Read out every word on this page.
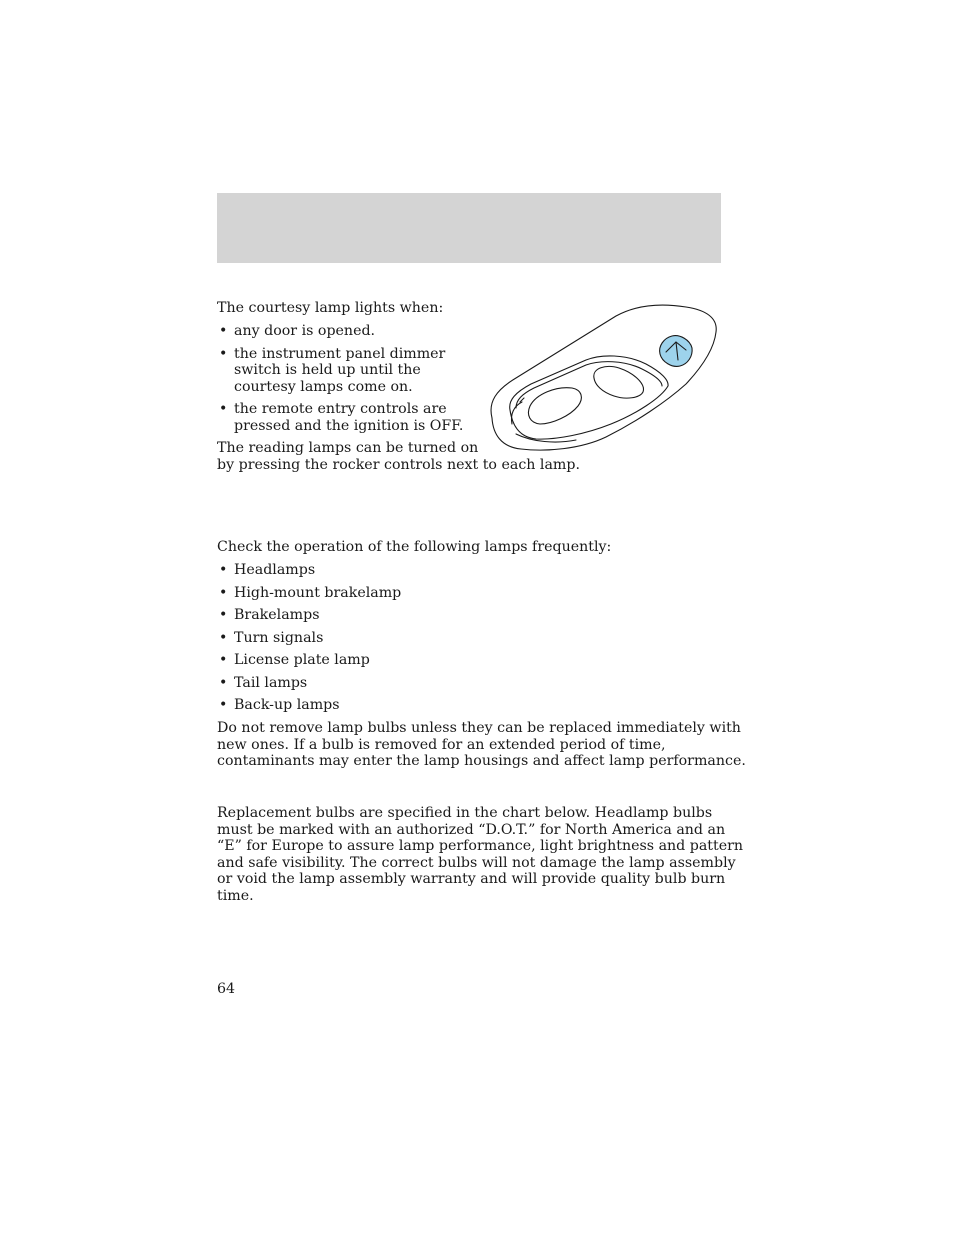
The courtesy lamp lights when:

• any door is opened.
• the instrument panel dimmer
switch is held up until the
courtesy lamps come on.
• the remote entry controls are
pressed and the ignition is OFF.

The reading lamps can be turned on
by pressing the rocker controls next to each lamp.

Check the operation of the following lamps frequently:

• Headlamps
• High-mount brakelamp
• Brakelamps
• Turn signals
• License plate lamp
• Tail lamps
• Back-up lamps

Do not remove lamp bulbs unless they can be replaced immediately with
new ones. If a bulb is removed for an extended period of time,
contaminants may enter the lamp housings and affect lamp performance.

Replacement bulbs are specified in the chart below. Headlamp bulbs
must be marked with an authorized “D.O.T.” for North America and an
“E” for Europe to assure lamp performance, light brightness and pattern
and safe visibility. The correct bulbs will not damage the lamp assembly
or void the lamp assembly warranty and will provide quality bulb burn
time.

64
